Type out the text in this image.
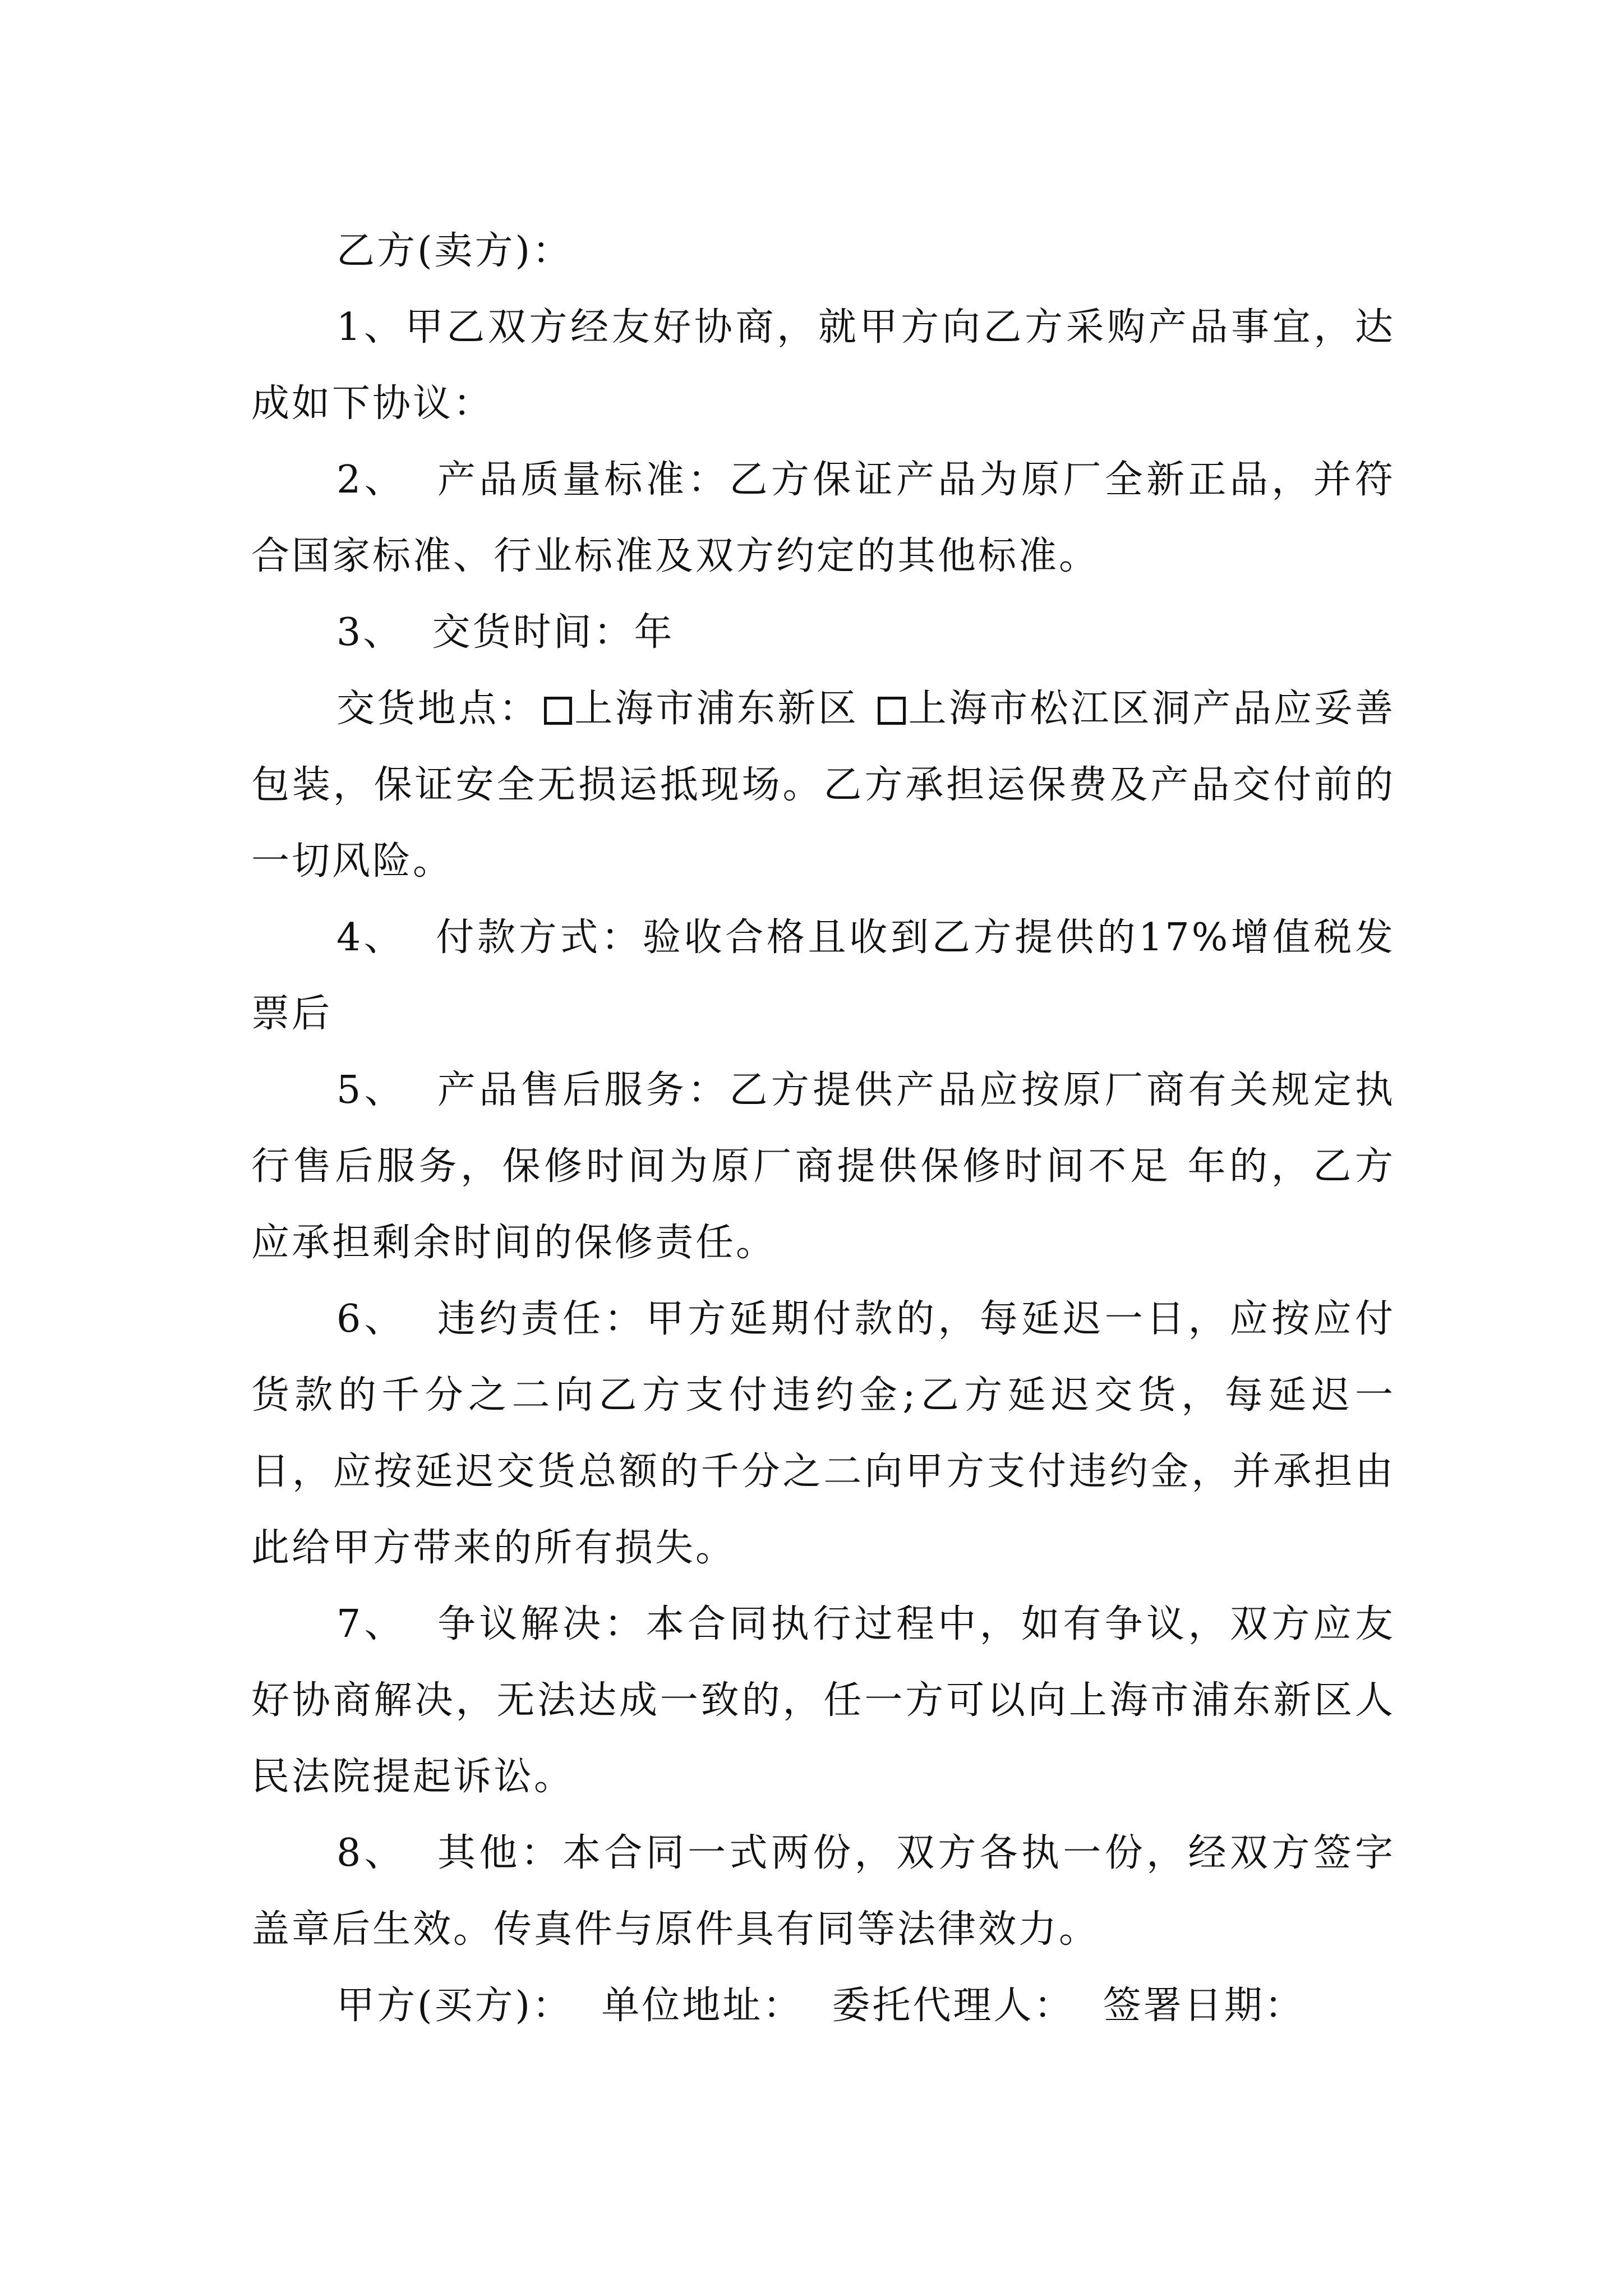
乙方(卖方)：

1、甲乙双方经友好协商，就甲方向乙方采购产品事宜，达成如下协议：

2、  产品质量标准：乙方保证产品为原厂全新正品，并符合国家标准、行业标准及双方约定的其他标准。

3、  交货时间：年

交货地点： 上海市浦东新区 上海市松江区洞产品应妥善包装，保证安全无损运抵现场。乙方承担运保费及产品交付前的一切风险。

4、  付款方式：验收合格且收到乙方提供的17%增值税发票后

5、  产品售后服务：乙方提供产品应按原厂商有关规定执行售后服务，保修时间为原厂商提供保修时间不足 年的，乙方应承担剩余时间的保修责任。

6、  违约责任：甲方延期付款的，每延迟一日，应按应付货款的千分之二向乙方支付违约金;乙方延迟交货，每延迟一日，应按延迟交货总额的千分之二向甲方支付违约金，并承担由此给甲方带来的所有损失。

7、  争议解决：本合同执行过程中，如有争议，双方应友好协商解决，无法达成一致的，任一方可以向上海市浦东新区人民法院提起诉讼。

8、  其他：本合同一式两份，双方各执一份，经双方签字盖章后生效。传真件与原件具有同等法律效力。

甲方(买方)：  单位地址：  委托代理人：  签署日期：
